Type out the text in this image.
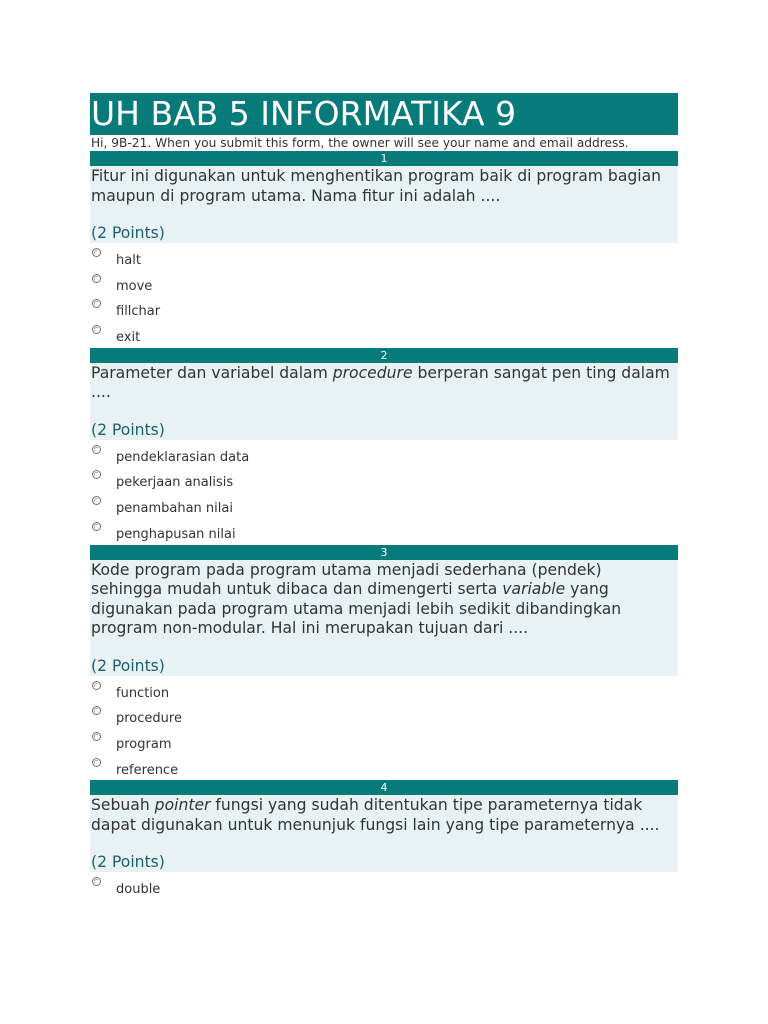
UH BAB 5 INFORMATIKA 9
Hi, 9B-21. When you submit this form, the owner will see your name and email address.
1
Fitur ini digunakan untuk menghentikan program baik di program bagian maupun di program utama. Nama fitur ini adalah ....
(2 Points)
halt
move
fillchar
exit
2
Parameter dan variabel dalam procedure berperan sangat pen ting dalam ....
(2 Points)
pendeklarasian data
pekerjaan analisis
penambahan nilai
penghapusan nilai
3
Kode program pada program utama menjadi sederhana (pendek) sehingga mudah untuk dibaca dan dimengerti serta variable yang digunakan pada program utama menjadi lebih sedikit dibandingkan program non-modular. Hal ini merupakan tujuan dari ....
(2 Points)
function
procedure
program
reference
4
Sebuah pointer fungsi yang sudah ditentukan tipe parameternya tidak dapat digunakan untuk menunjuk fungsi lain yang tipe parameternya ....
(2 Points)
double
